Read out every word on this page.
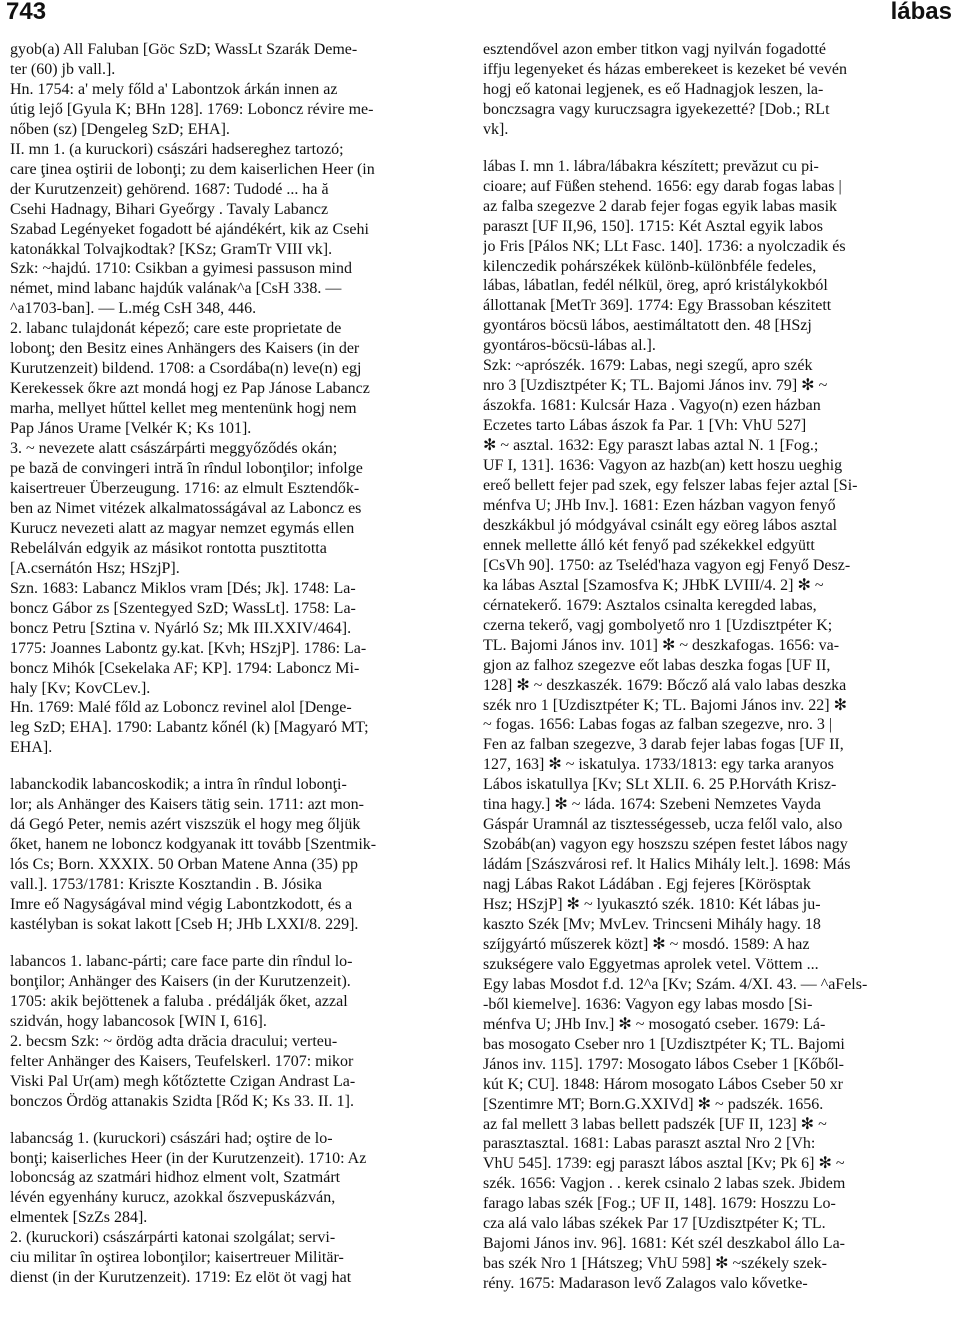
743	lábas

gyob(a) All Faluban [Göc SzD; WassLt Szarák Deme-
ter (60) jb vall.].
Hn. 1754: a' mely főld a' Labontzok árkán innen az
útig lejő [Gyula K; BHn 128]. 1769: Lobonсz révire me-
nőben (sz) [Dengeleg SzD; EHA].

II. mn 1. (a kuruckori) császári hadsereghez tartozó;
care ţinea oştirii de lobonţi; zu dem kaiserlichen Heer (in
der Kurutzenzeit) gehörend. 1687: Tudodé ... ha ă
Csehi Hadnagy, Bihari Gyeőrgy . Tavaly Labancz
Szabad Legényeket fogadott bé ajándékért, kik az Csehi
katonákkal Tolvajkodtak? [KSz; GramTr VIII vk].
Szk: ~hajdú. 1710: Csikban a gyimesi passuson mind
német, mind labanc hajdúk valának^a [CsH 338. —
^a1703-ban]. — L.még CsH 348, 446.

2. labanc tulajdonát képező; care este proprietate de
lobonţ; den Besitz eines Anhängers des Kaisers (in der
Kurutzenzeit) bildend. 1708: a Csordába(n) leve(n) egj
Kerekessek őkre azt mondá hogj ez Pap Jánose Labancz
marha, mellyet hűttel kellet meg mentenünk hogj nem
Pap János Urame [Velkér K; Ks 101].

3. ~ nevezete alatt császárpárti meggyőződés okán;
pe bază de convingeri intră în rîndul lobonţilor; infolge
kaisertreuer Überzeugung. 1716: az elmult Esztendők-
ben az Nimet vitézek alkalmatosságával az Laboncz es
Kurucz nevezeti alatt az magyar nemzet egymás ellen
Rebelálván edgyik az másikot rontotta pusztitotta
[A.csernátón Hsz; HSzjP].

Szn. 1683: Labancz Miklos vram [Dés; Jk]. 1748: La-
boncz Gábor zs [Szentegyed SzD; WassLt]. 1758: La-
boncz Petru [Sztina v. Nyárló Sz; Mk III.XXIV/464].
1775: Joannes Labontz gy.kat. [Kvh; HSzjP]. 1786: La-
boncz Mihók [Csekelaka AF; KP]. 1794: Laboncz Mi-
haly [Kv; KovCLev.].

Hn. 1769: Malé főld az Loboncz revinel alol [Denge-
leg SzD; EHA]. 1790: Labantz kőnél (k) [Magyaró MT;
EHA].

labanckodik labancoskodik; a intra în rîndul lobonţi-
lor; als Anhänger des Kaisers tätig sein. 1711: azt mon-
dá Gegó Peter, nemis azért viszszük el hogy meg őljük
őket, hanem ne loboncz kodgyanak itt tovább [Szentmik-
lós Cs; Born. XXXIX. 50 Orban Matene Anna (35) pp
vall.]. 1753/1781: Kriszte Kosztandin . B. Jósika
Imre eő Nagyságával mind végig Labontzkodott, és a
kastélyban is sokat lakott [Cseb H; JHb LXXI/8. 229].

labancos 1. labanc-párti; care face parte din rîndul lo-
bonţilor; Anhänger des Kaisers (in der Kurutzenzeit).
1705: akik bejöttenek a faluba . prédálják őket, azzal
szidván, hogy labancosok [WIN I, 616].

2. becsm Szk: ~ ördög adta drăcia dracului; verteu-
felter Anhänger des Kaisers, Teufelskerl. 1707: mikor
Viski Pal Ur(am) megh kőtőztette Czigan Andrast La-
bonczos Ördög attanakis Szidta [Rőd K; Ks 33. II. 1].

labancság 1. (kuruckori) császári had; oştire de lo-
bonţi; kaiserliches Heer (in der Kurutzenzeit). 1710: Az
loboncság az szatmári hidhoz elment volt, Szatmárt
lévén egyenhány kurucz, azokkal őszvepuskázván,
elmentek [SzZs 284].

2. (kuruckori) császárpárti katonai szolgálat; servi-
ciu militar în oştirea lobonţilor; kaisertreuer Militär-
dienst (in der Kurutzenzeit). 1719: Ez elöt öt vagj hat

esztendővel azon ember titkon vagj nyilván fogadotté
iffju legenyeket és házas emberekeet is kezeket bé vevén
hogj eő katonai legjenek, es eő Hadnagjok leszen, la-
bonczsagra vagy kuruczsagra igyekezetté? [Dob.; RLt
vk].

lábas I. mn 1. lábra/lábakra készített; prevăzut cu pi-
cioare; auf Füßen stehend. 1656: egy darab fogas labas |
az falba szegezve 2 darab fejer fogas egyik labas masik
paraszt [UF II,96, 150]. 1715: Két Asztal egyik labos
jo Fris [Pálos NK; LLt Fasc. 140]. 1736: a nyolczadik és
kilenczedik pohárszékek különb-különbféle fedeles,
lábas, lábatlan, fedél nélkül, öreg, apró kristálykokból
állottanak [MetTr 369]. 1774: Egy Brassoban készitett
gyontáros böcsü lábos, aestimáltatott den. 48 [HSzj
gyontáros-böcsü-lábas al.].

Szk: ~aprószék. 1679: Labas, negi szegű, apro szék
nro 3 [Uzdisztpéter K; TL. Bajomi János inv. 79] ✻ ~
ászokfa. 1681: Kulcsár Haza . Vagyo(n) ezen házban
Eczetes tarto Lábas ászok fa Par. 1 [Vh: VhU 527]
✻ ~ asztal. 1632: Egy paraszt labas aztal N. 1 [Fog.;
UF I, 131]. 1636: Vagyon az hazb(an) kett hoszu ueghig
ereő bellett fejer pad szek, egy felszer labas fejer aztal [Si-
ménfva U; JHb Inv.]. 1681: Ezen házban vagyon fenyő
deszkákbul jó módgyával csinált egy eöreg lábos asztal
ennek mellette álló két fenyő pad székekkel edgyütt
[CsVh 90]. 1750: az Tseléd'haza vagyon egj Fenyő Desz-
ka lábas Asztal [Szamosfva K; JHbK LVIII/4. 2] ✻ ~
cérnatekerő. 1679: Asztalos csinalta keregded labas,
czerna tekerő, vagj gombolyető nro 1 [Uzdisztpéter K;
TL. Bajomi János inv. 101] ✻ ~ deszkafogas. 1656: va-
gjon az falhoz szegezve eőt labas deszka fogas [UF II,
128] ✻ ~ deszkaszék. 1679: Bőcző alá valo labas deszka
szék nro 1 [Uzdisztpéter K; TL. Bajomi János inv. 22] ✻
~ fogas. 1656: Labas fogas az falban szegezve, nro. 3 |
Fen az falban szegezve, 3 darab fejer labas fogas [UF II,
127, 163] ✻ ~ iskatulya. 1733/1813: egy tarka aranyos
Lábos iskatullya [Kv; SLt XLII. 6. 25 P.Horváth Krisz-
tina hagy.] ✻ ~ láda. 1674: Szebeni Nemzetes Vayda
Gáspár Uramnál az tisztességesseb, ucza felől valo, also
Szobáb(an) vagyon egy hoszszu szépen festet lábos nagy
ládám [Szászvárosi ref. lt Halics Mihály lelt.]. 1698: Más
nagj Lábas Rakot Ládában . Egj fejeres [Körösptak
Hsz; HSzjP] ✻ ~ lyukasztó szék. 1810: Két lábas ju-
kaszto Szék [Mv; MvLev. Trincseni Mihály hagy. 18
szíjgyártó műszerek közt] ✻ ~ mosdó. 1589: A haz
szukségere valo Eggyetmas aprolek vetel. Vöttem ...
Egy labas Mosdot f.d. 12^a [Kv; Szám. 4/XI. 43. — ^aFels-
-ből kiemelve]. 1636: Vagyon egy labas mosdo [Si-
ménfva U; JHb Inv.] ✻ ~ mosogató cseber. 1679: Lá-
bas mosogato Cseber nro 1 [Uzdisztpéter K; TL. Bajomi
János inv. 115]. 1797: Mosogato lábos Cseber 1 [Kőből-
kút K; CU]. 1848: Három mosogato Lábos Cseber 50 xr
[Szentimre MT; Born.G.XXIVd] ✻ ~ padszék. 1656.
az fal mellett 3 labas bellett padszék [UF II, 123] ✻ ~
parasztasztal. 1681: Labas paraszt asztal Nro 2 [Vh:
VhU 545]. 1739: egj paraszt lábos asztal [Kv; Pk 6] ✻ ~
szék. 1656: Vagjon . . kerek csinalo 2 labas szek. Jbidem
farago labas szék [Fog.; UF II, 148]. 1679: Hoszzu Lo-
cza alá valo lábas székek Par 17 [Uzdisztpéter K; TL.
Bajomi János inv. 96]. 1681: Két szél deszkabol állo La-
bas szék Nro 1 [Hátszeg; VhU 598] ✻ ~székely szek-
rény. 1675: Madarason levő Zalagos valo kővetke-
